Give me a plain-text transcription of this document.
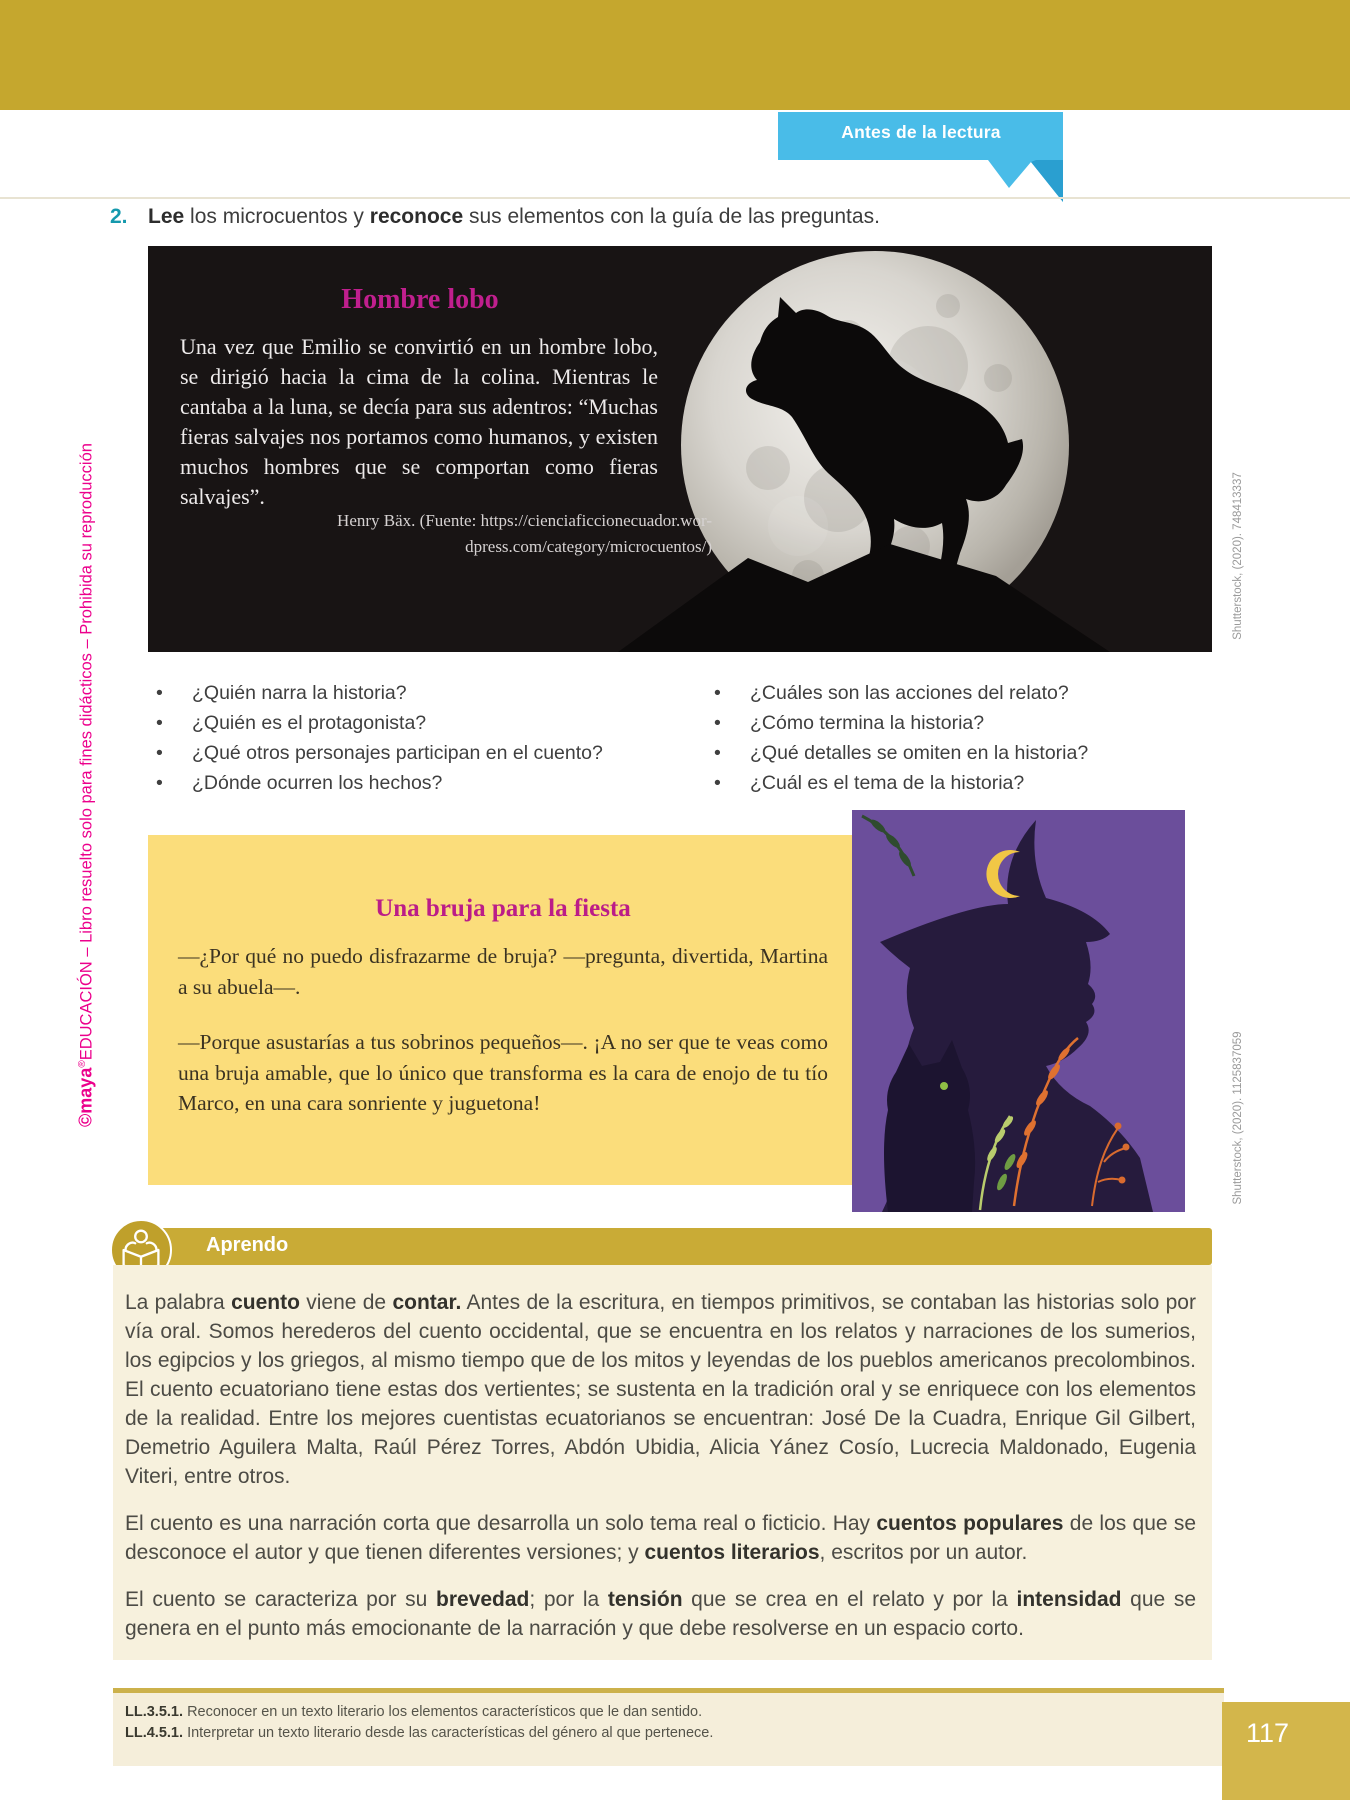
Antes de la lectura
2. Lee los microcuentos y reconoce sus elementos con la guía de las preguntas.
Hombre lobo
Una vez que Emilio se convirtió en un hombre lobo, se dirigió hacia la cima de la colina. Mientras le cantaba a la luna, se decía para sus adentros: “Muchas fieras salvajes nos portamos como humanos, y existen muchos hombres que se comportan como fieras salvajes”.
Henry Bäx. (Fuente: https://cienciaficcionecuador.wor-
dpress.com/category/microcuentos/)	Shutterstock, (2020). 748413337
• ¿Quién narra la historia?
• ¿Quién es el protagonista?
• ¿Qué otros personajes participan en el cuento?
• ¿Dónde ocurren los hechos?
• ¿Cuáles son las acciones del relato?
• ¿Cómo termina la historia?
• ¿Qué detalles se omiten en la historia?
• ¿Cuál es el tema de la historia?
Una bruja para la fiesta

—¿Por qué no puedo disfrazarme de bruja? —pregunta, divertida, Martina a su abuela—.

—Porque asustarías a tus sobrinos pequeños—. ¡A no ser que te veas como una bruja amable, que lo único que transforma es la cara de enojo de tu tío Marco, en una cara sonriente y juguetona!	Shutterstock, (2020). 1125837059
Aprendo

La palabra cuento viene de contar. Antes de la escritura, en tiempos primitivos, se contaban las historias solo por vía oral. Somos herederos del cuento occidental, que se encuentra en los relatos y narraciones de los sumerios, los egipcios y los griegos, al mismo tiempo que de los mitos y leyendas de los pueblos americanos precolombinos. El cuento ecuatoriano tiene estas dos vertientes; se sustenta en la tradición oral y se enriquece con los elementos de la realidad. Entre los mejores cuentistas ecuatorianos se encuentran: José De la Cuadra, Enrique Gil Gilbert, Demetrio Aguilera Malta, Raúl Pérez Torres, Abdón Ubidia, Alicia Yánez Cosío, Lucrecia Maldonado, Eugenia Viteri, entre otros.

El cuento es una narración corta que desarrolla un solo tema real o ficticio. Hay cuentos populares de los que se desconoce el autor y que tienen diferentes versiones; y cuentos literarios, escritos por un autor.

El cuento se caracteriza por su brevedad; por la tensión que se crea en el relato y por la intensidad que se genera en el punto más emocionante de la narración y que debe resolverse en un espacio corto.

LL.3.5.1. Reconocer en un texto literario los elementos característicos que le dan sentido.
LL.4.5.1. Interpretar un texto literario desde las características del género al que pertenece.	117
©maya®EDUCACIÓN – Libro resuelto solo para fines didácticos – Prohibida su reproducción
